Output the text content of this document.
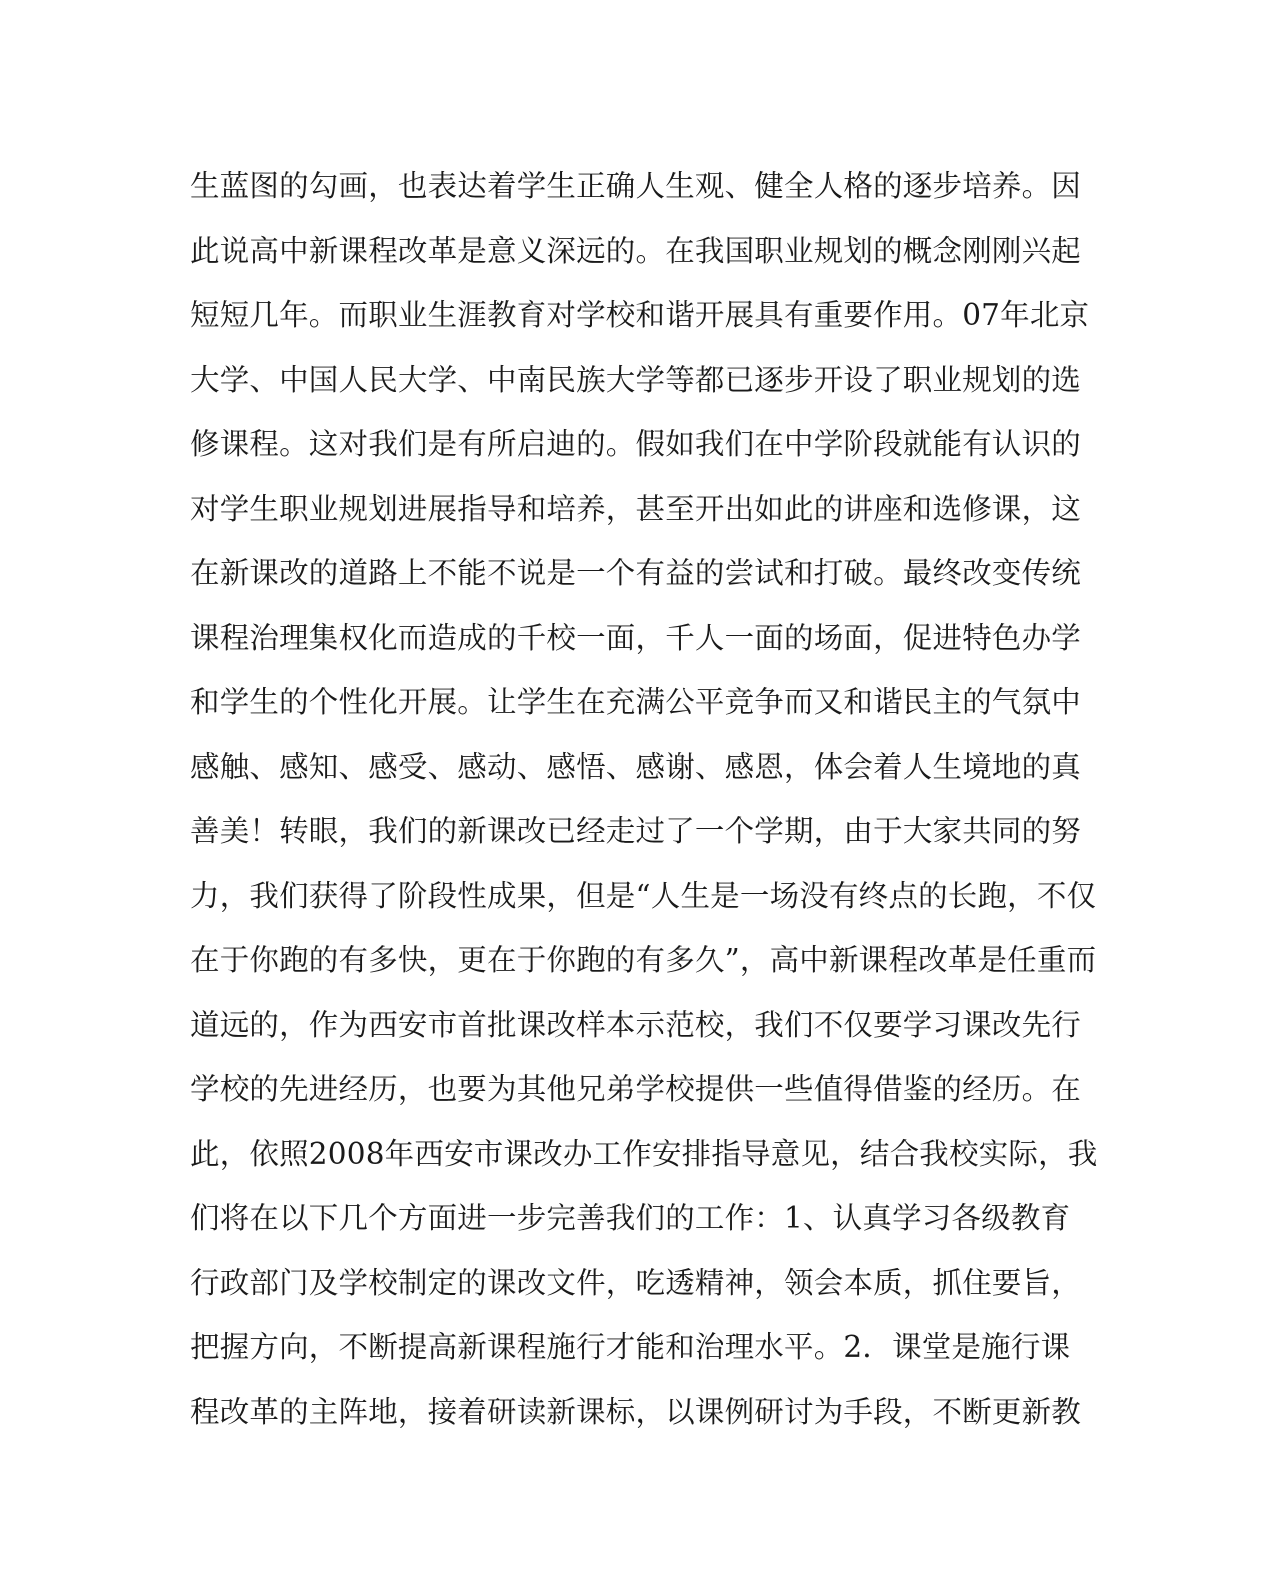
生蓝图的勾画，也表达着学生正确人生观、健全人格的逐步培养。因
此说高中新课程改革是意义深远的。在我国职业规划的概念刚刚兴起
短短几年。而职业生涯教育对学校和谐开展具有重要作用。07年北京
大学、中国人民大学、中南民族大学等都已逐步开设了职业规划的选
修课程。这对我们是有所启迪的。假如我们在中学阶段就能有认识的
对学生职业规划进展指导和培养，甚至开出如此的讲座和选修课，这
在新课改的道路上不能不说是一个有益的尝试和打破。最终改变传统
课程治理集权化而造成的千校一面，千人一面的场面，促进特色办学
和学生的个性化开展。让学生在充满公平竞争而又和谐民主的气氛中
感触、感知、感受、感动、感悟、感谢、感恩，体会着人生境地的真
善美！转眼，我们的新课改已经走过了一个学期，由于大家共同的努
力，我们获得了阶段性成果，但是“人生是一场没有终点的长跑，不仅
在于你跑的有多快，更在于你跑的有多久”，高中新课程改革是任重而
道远的，作为西安市首批课改样本示范校，我们不仅要学习课改先行
学校的先进经历，也要为其他兄弟学校提供一些值得借鉴的经历。在
此，依照2008年西安市课改办工作安排指导意见，结合我校实际，我
们将在以下几个方面进一步完善我们的工作：1、认真学习各级教育
行政部门及学校制定的课改文件，吃透精神，领会本质，抓住要旨，
把握方向，不断提高新课程施行才能和治理水平。2．课堂是施行课
程改革的主阵地，接着研读新课标，以课例研讨为手段，不断更新教
